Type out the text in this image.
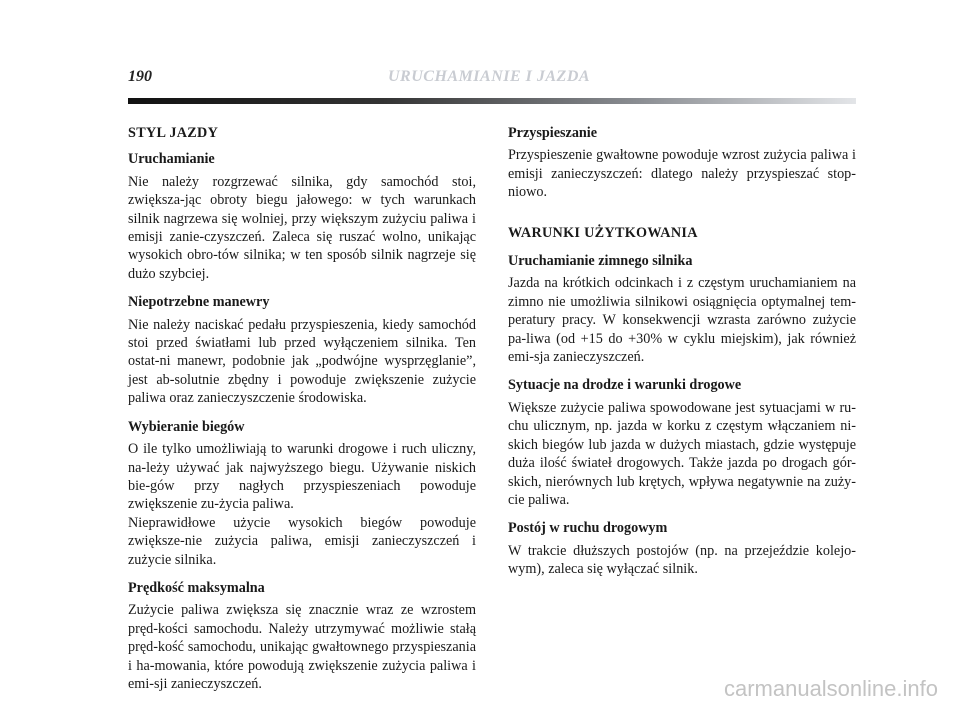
190	URUCHAMIANIE I JAZDA
STYL JAZDY
Uruchamianie

Nie należy rozgrzewać silnika, gdy samochód stoi, zwiększa-jąc obroty biegu jałowego: w tych warunkach silnik nagrzewa się wolniej, przy większym zużyciu paliwa i emisji zanie-czyszczeń. Zaleca się ruszać wolno, unikając wysokich obro-tów silnika; w ten sposób silnik nagrzeje się dużo szybciej.

Niepotrzebne manewry

Nie należy naciskać pedału przyspieszenia, kiedy samochód stoi przed światłami lub przed wyłączeniem silnika. Ten ostat-ni manewr, podobnie jak „podwójne wysprzęglanie”, jest ab-solutnie zbędny i powoduje zwiększenie zużycie paliwa oraz zanieczyszczenie środowiska.

Wybieranie biegów

O ile tylko umożliwiają to warunki drogowe i ruch uliczny, na-leży używać jak najwyższego biegu. Używanie niskich bie-gów przy nagłych przyspieszeniach powoduje zwiększenie zu-życia paliwa.

Nieprawidłowe użycie wysokich biegów powoduje zwiększe-nie zużycia paliwa, emisji zanieczyszczeń i zużycie silnika.

Prędkość maksymalna

Zużycie paliwa zwiększa się znacznie wraz ze wzrostem pręd-kości samochodu. Należy utrzymywać możliwie stałą pręd-kość samochodu, unikając gwałtownego przyspieszania i ha-mowania, które powodują zwiększenie zużycia paliwa i emi-sji zanieczyszczeń.

Przyspieszanie

Przyspieszenie gwałtowne powoduje wzrost zużycia paliwa i emisji zanieczyszczeń: dlatego należy przyspieszać stop-niowo.

WARUNKI UŻYTKOWANIA
Uruchamianie zimnego silnika

Jazda na krótkich odcinkach i z częstym uruchamianiem na zimno nie umożliwia silnikowi osiągnięcia optymalnej tem-peratury pracy. W konsekwencji wzrasta zarówno zużycie pa-liwa (od +15 do +30% w cyklu miejskim), jak również emi-sja zanieczyszczeń.

Sytuacje na drodze i warunki drogowe

Większe zużycie paliwa spowodowane jest sytuacjami w ru-chu ulicznym, np. jazda w korku z częstym włączaniem ni-skich biegów lub jazda w dużych miastach, gdzie występuje duża ilość świateł drogowych. Także jazda po drogach gór-skich, nierównych lub krętych, wpływa negatywnie na zuży-cie paliwa.

Postój w ruchu drogowym

W trakcie dłuższych postojów (np. na przejeździe kolejo-wym), zaleca się wyłączać silnik.

carmanualsonline.info
